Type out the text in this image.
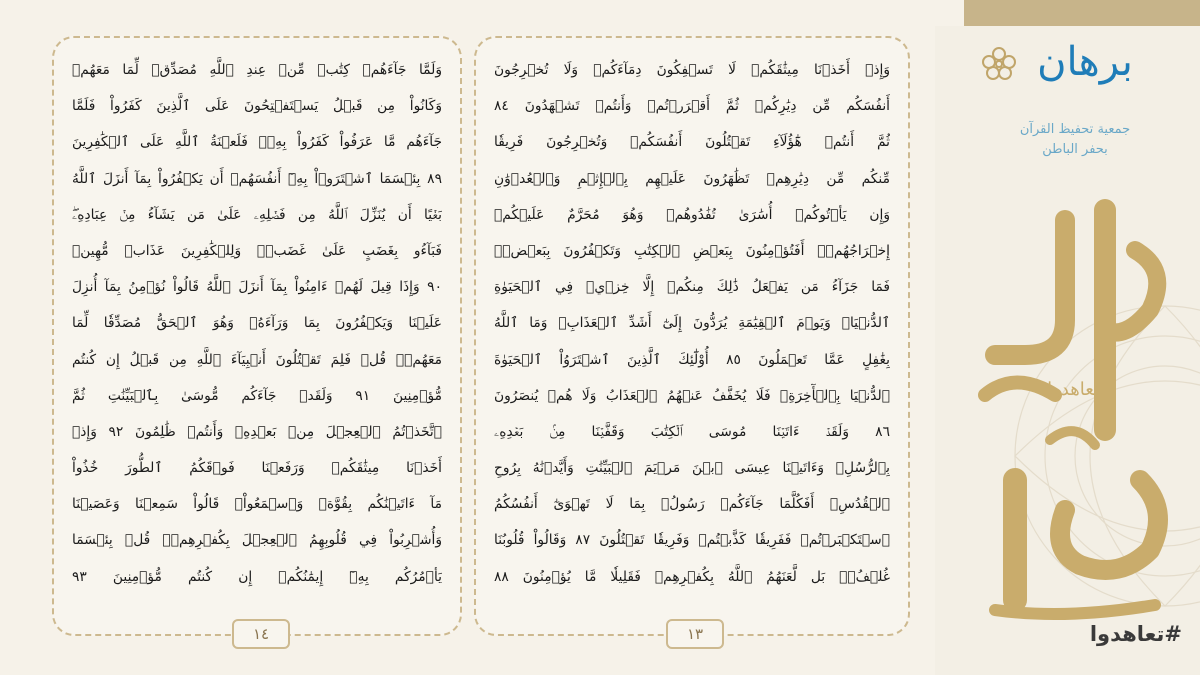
برهان
جمعية تحفيظ القرآن
بحفر الباطن
تعاهدوا
#تعاهدوا
وَلَمَّا جَآءَهُمۡ كِتَٰبٞ مِّنۡ عِندِ ٱللَّهِ مُصَدِّقٞ لِّمَا مَعَهُمۡ
وَكَانُواْ مِن قَبۡلُ يَسۡتَفۡتِحُونَ عَلَى ٱلَّذِينَ كَفَرُواْ فَلَمَّا
جَآءَهُم مَّا عَرَفُواْ كَفَرُواْ بِهِۦۚ فَلَعۡنَةُ ٱللَّهِ عَلَى ٱلۡكَٰفِرِينَ
٨٩ بِئۡسَمَا ٱشۡتَرَوۡاْ بِهِۦٓ أَنفُسَهُمۡ أَن يَكۡفُرُواْ بِمَآ أَنزَلَ ٱللَّهُ
بَغۡيًا أَن يُنَزِّلَ ٱللَّهُ مِن فَضۡلِهِۦ عَلَىٰ مَن يَشَآءُ مِنۡ عِبَادِهِۦۖ
فَبَآءُو بِغَضَبٍ عَلَىٰ غَضَبٖۚ وَلِلۡكَٰفِرِينَ عَذَابٞ مُّهِينٞ
٩٠ وَإِذَا قِيلَ لَهُمۡ ءَامِنُواْ بِمَآ أَنزَلَ ٱللَّهُ قَالُواْ نُؤۡمِنُ بِمَآ أُنزِلَ
عَلَيۡنَا وَيَكۡفُرُونَ بِمَا وَرَآءَهُۥ وَهُوَ ٱلۡحَقُّ مُصَدِّقٗا لِّمَا
مَعَهُمۡۗ قُلۡ فَلِمَ تَقۡتُلُونَ أَنۢبِيَآءَ ٱللَّهِ مِن قَبۡلُ إِن كُنتُم
مُّؤۡمِنِينَ ٩١ وَلَقَدۡ جَآءَكُم مُّوسَىٰ بِٱلۡبَيِّنَٰتِ ثُمَّ
ٱتَّخَذۡتُمُ ٱلۡعِجۡلَ مِنۢ بَعۡدِهِۦ وَأَنتُمۡ ظَٰلِمُونَ ٩٢ وَإِذۡ
أَخَذۡنَا مِيثَٰقَكُمۡ وَرَفَعۡنَا فَوۡقَكُمُ ٱلطُّورَ خُذُواْ
مَآ ءَاتَيۡنَٰكُم بِقُوَّةٖ وَٱسۡمَعُواْۖ قَالُواْ سَمِعۡنَا وَعَصَيۡنَا
وَأُشۡرِبُواْ فِي قُلُوبِهِمُ ٱلۡعِجۡلَ بِكُفۡرِهِمۡۚ قُلۡ بِئۡسَمَا
يَأۡمُرُكُم بِهِۦٓ إِيمَٰنُكُمۡ إِن كُنتُم مُّؤۡمِنِينَ ٩٣
١٤
وَإِذۡ أَخَذۡنَا مِيثَٰقَكُمۡ لَا تَسۡفِكُونَ دِمَآءَكُمۡ وَلَا تُخۡرِجُونَ
أَنفُسَكُم مِّن دِيَٰرِكُمۡ ثُمَّ أَقۡرَرۡتُمۡ وَأَنتُمۡ تَشۡهَدُونَ ٨٤
ثُمَّ أَنتُمۡ هَٰٓؤُلَآءِ تَقۡتُلُونَ أَنفُسَكُمۡ وَتُخۡرِجُونَ فَرِيقٗا
مِّنكُم مِّن دِيَٰرِهِمۡ تَظَٰهَرُونَ عَلَيۡهِم بِٱلۡإِثۡمِ وَٱلۡعُدۡوَٰنِ
وَإِن يَأۡتُوكُمۡ أُسَٰرَىٰ تُفَٰدُوهُمۡ وَهُوَ مُحَرَّمٌ عَلَيۡكُمۡ
إِخۡرَاجُهُمۡۚ أَفَتُؤۡمِنُونَ بِبَعۡضِ ٱلۡكِتَٰبِ وَتَكۡفُرُونَ بِبَعۡضٖۚ
فَمَا جَزَآءُ مَن يَفۡعَلُ ذَٰلِكَ مِنكُمۡ إِلَّا خِزۡيٞ فِي ٱلۡحَيَوٰةِ
ٱلدُّنۡيَاۖ وَيَوۡمَ ٱلۡقِيَٰمَةِ يُرَدُّونَ إِلَىٰٓ أَشَدِّ ٱلۡعَذَابِۗ وَمَا ٱللَّهُ
بِغَٰفِلٍ عَمَّا تَعۡمَلُونَ ٨٥ أُوْلَٰٓئِكَ ٱلَّذِينَ ٱشۡتَرَوُاْ ٱلۡحَيَوٰةَ
ٱلدُّنۡيَا بِٱلۡأٓخِرَةِۖ فَلَا يُخَفَّفُ عَنۡهُمُ ٱلۡعَذَابُ وَلَا هُمۡ يُنصَرُونَ
٨٦ وَلَقَدۡ ءَاتَيۡنَا مُوسَى ٱلۡكِتَٰبَ وَقَفَّيۡنَا مِنۢ بَعۡدِهِۦ
بِٱلرُّسُلِۖ وَءَاتَيۡنَا عِيسَى ٱبۡنَ مَرۡيَمَ ٱلۡبَيِّنَٰتِ وَأَيَّدۡنَٰهُ بِرُوحِ
ٱلۡقُدُسِۗ أَفَكُلَّمَا جَآءَكُمۡ رَسُولُۢ بِمَا لَا تَهۡوَىٰٓ أَنفُسُكُمُ
ٱسۡتَكۡبَرۡتُمۡ فَفَرِيقٗا كَذَّبۡتُمۡ وَفَرِيقٗا تَقۡتُلُونَ ٨٧ وَقَالُواْ قُلُوبُنَا
غُلۡفُۢۚ بَل لَّعَنَهُمُ ٱللَّهُ بِكُفۡرِهِمۡ فَقَلِيلٗا مَّا يُؤۡمِنُونَ ٨٨
١٣
